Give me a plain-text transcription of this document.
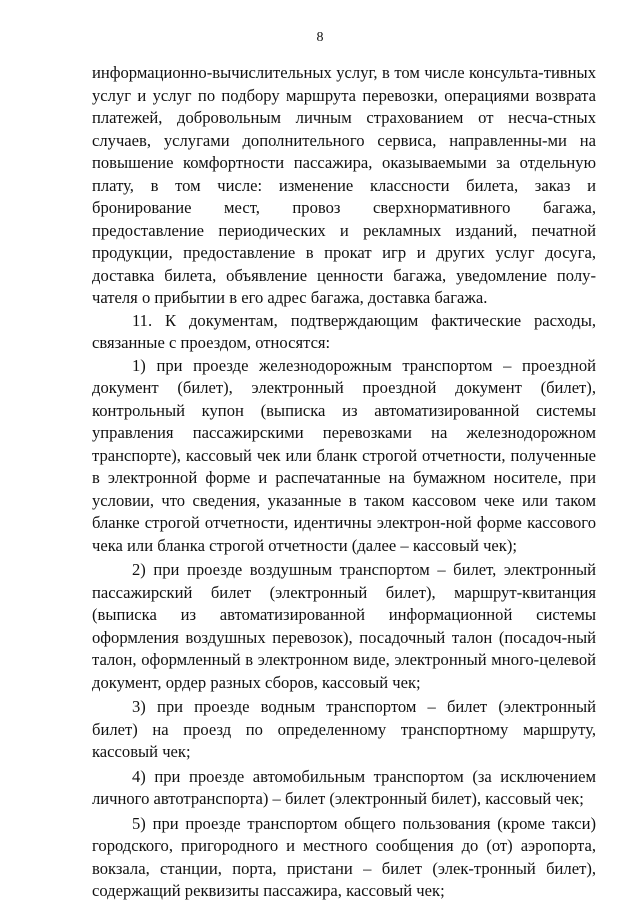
8

информационно-вычислительных услуг, в том числе консульта-тивных услуг и услуг по подбору маршрута перевозки, операциями возврата платежей, добровольным личным страхованием от несча-стных случаев, услугами дополнительного сервиса, направленны-ми на повышение комфортности пассажира, оказываемыми за отдельную плату, в том числе: изменение классности билета, заказ и бронирование мест, провоз сверхнормативного багажа, предоставление периодических и рекламных изданий, печатной продукции, предоставление в прокат игр и других услуг досуга, доставка билета, объявление ценности багажа, уведомление полу-чателя о прибытии в его адрес багажа, доставка багажа.

11. К документам, подтверждающим фактические расходы, связанные с проездом, относятся:

1) при проезде железнодорожным транспортом – проездной документ (билет), электронный проездной документ (билет), контрольный купон (выписка из автоматизированной системы управления пассажирскими перевозками на железнодорожном транспорте), кассовый чек или бланк строгой отчетности, полученные в электронной форме и распечатанные на бумажном носителе, при условии, что сведения, указанные в таком кассовом чеке или таком бланке строгой отчетности, идентичны электрон-ной форме кассового чека или бланка строгой отчетности (далее – кассовый чек);

2) при проезде воздушным транспортом – билет, электронный пассажирский билет (электронный билет), маршрут-квитанция (выписка из автоматизированной информационной системы оформления воздушных перевозок), посадочный талон (посадоч-ный талон, оформленный в электронном виде, электронный много-целевой документ, ордер разных сборов, кассовый чек;

3) при проезде водным транспортом – билет (электронный билет) на проезд по определенному транспортному маршруту, кассовый чек;

4) при проезде автомобильным транспортом (за исключением личного автотранспорта) – билет (электронный билет), кассовый чек;

5) при проезде транспортом общего пользования (кроме такси) городского, пригородного и местного сообщения до (от) аэропорта, вокзала, станции, порта, пристани – билет (элек-тронный билет), содержащий реквизиты пассажира, кассовый чек;
